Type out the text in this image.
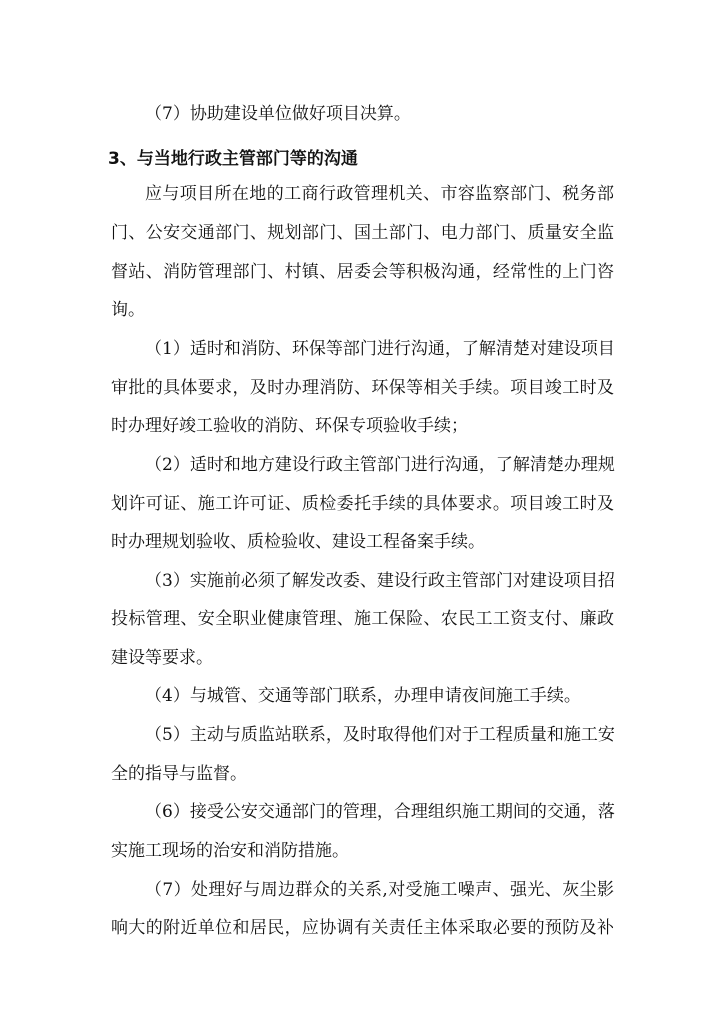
（7）协助建设单位做好项目决算。
3、与当地行政主管部门等的沟通
应与项目所在地的工商行政管理机关、市容监察部门、税务部
门、公安交通部门、规划部门、国土部门、电力部门、质量安全监
督站、消防管理部门、村镇、居委会等积极沟通，经常性的上门咨
询。
（1）适时和消防、环保等部门进行沟通，了解清楚对建设项目
审批的具体要求，及时办理消防、环保等相关手续。项目竣工时及
时办理好竣工验收的消防、环保专项验收手续；
（2）适时和地方建设行政主管部门进行沟通，了解清楚办理规
划许可证、施工许可证、质检委托手续的具体要求。项目竣工时及
时办理规划验收、质检验收、建设工程备案手续。
（3）实施前必须了解发改委、建设行政主管部门对建设项目招
投标管理、安全职业健康管理、施工保险、农民工工资支付、廉政
建设等要求。
（4）与城管、交通等部门联系，办理申请夜间施工手续。
（5）主动与质监站联系，及时取得他们对于工程质量和施工安
全的指导与监督。
（6）接受公安交通部门的管理，合理组织施工期间的交通，落
实施工现场的治安和消防措施。
（7）处理好与周边群众的关系,对受施工噪声、强光、灰尘影
响大的附近单位和居民，应协调有关责任主体采取必要的预防及补
